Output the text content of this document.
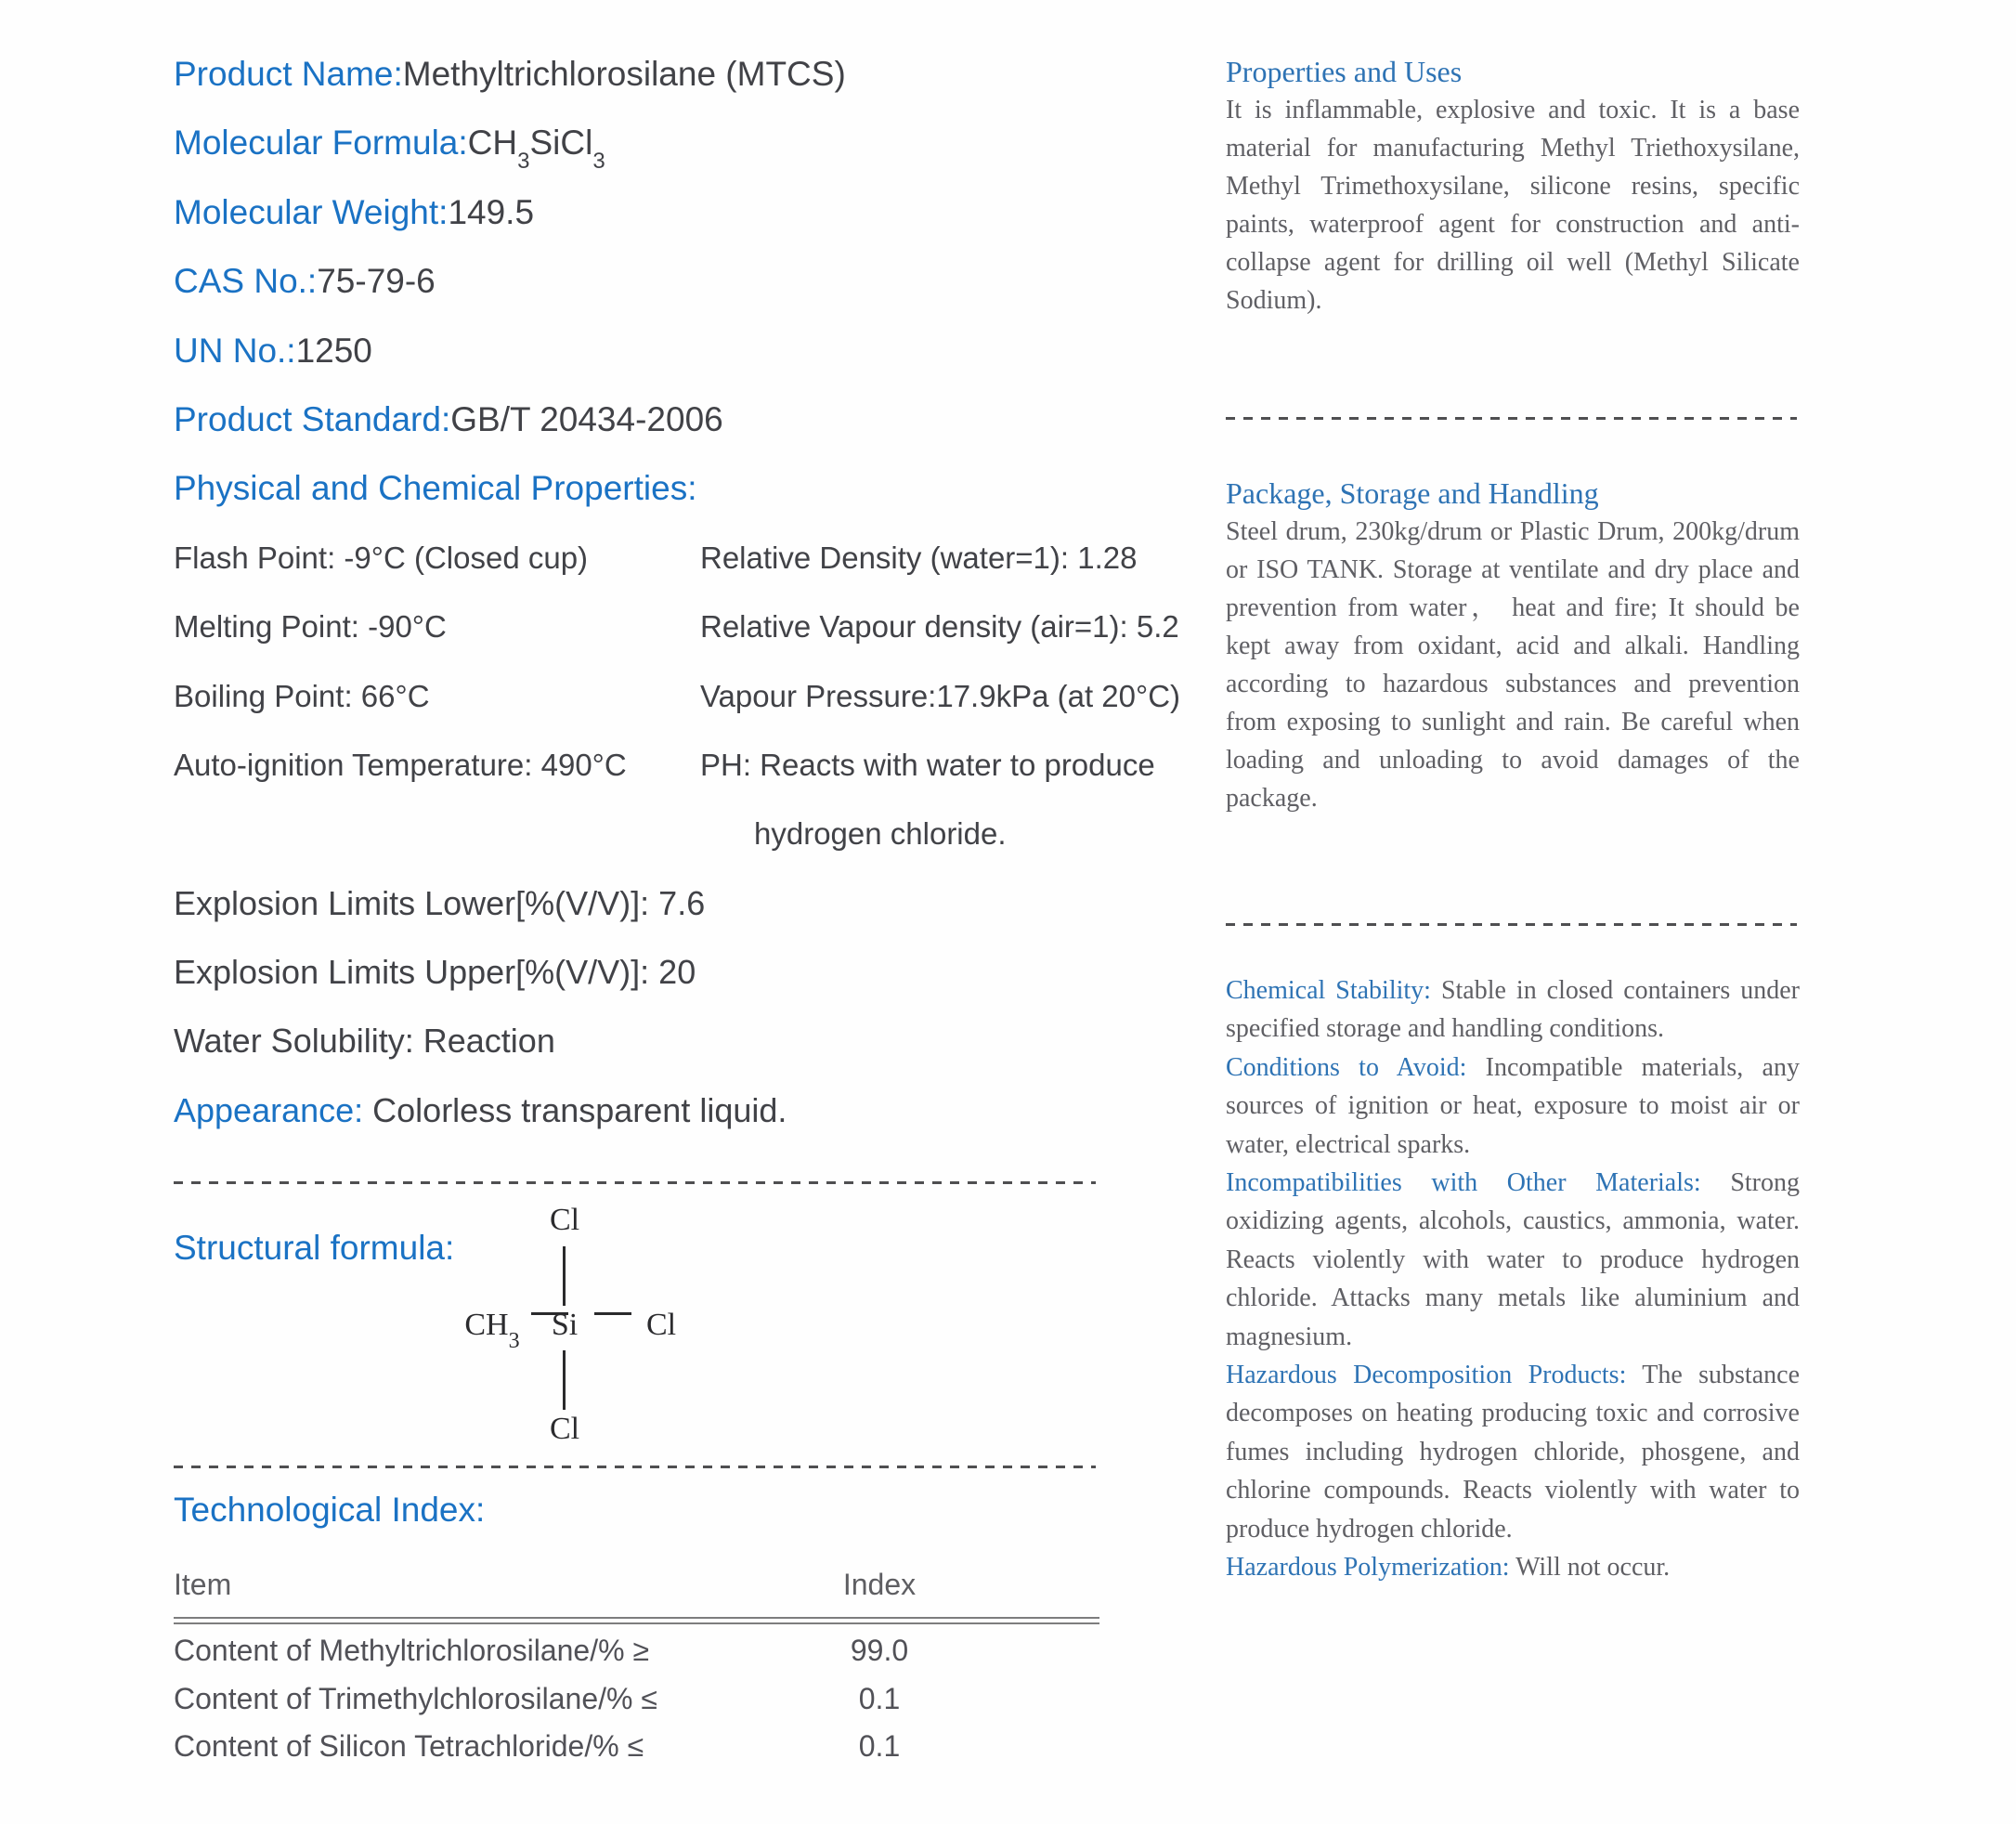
Product Name:Methyltrichlorosilane (MTCS)
Molecular $Formula:CH_3SiCl_3$
Molecular Weight:149.5
CAS No.:75-79-6
UN No.:1250
Product Standard:GB/T 20434-2006
Physical and Chemical Properties:
Flash Point: -9°C (Closed cup)	Relative Density (water=1): 1.28
Melting Point: -90°C	Relative Vapour density (air=1): 5.2
Boiling Point: 66°C	Vapour Pressure:17.9kPa (at 20°C)
Auto-ignition Temperature: 490°C PH: Reacts with water to produce
hydrogen chloride.
Explosion Limits Lower[%(V/V)]: 7.6
Explosion Limits Upper[%(V/V)]: 20
Water Solubility: Reaction
Appearance: Colorless transparent liquid.
Structural formula:
Cl
$CH_3$	Si	Cl
Cl
Technological Index:
Item	Index
Content of Methyltrichlorosilane/% ≥	99.0
Content of Trimethylchlorosilane/% ≤	0.1
Content of Silicon Tetrachloride/% ≤	0.1
Properties and Uses

It is inflammable, explosive and toxic. It is a base material for manufacturing Methyl Triethoxysilane, Methyl Trimethoxysilane, silicone resins, specific paints, waterproof agent for construction and anti-collapse agent for drilling oil well (Methyl Silicate Sodium).

Package, Storage and Handling

Steel drum, 230kg/drum or Plastic Drum, 200kg/drum or ISO TANK. Storage at ventilate and dry place and prevention from water， heat and fire; It should be kept away from oxidant, acid and alkali. Handling according to hazardous substances and prevention from exposing to sunlight and rain. Be careful when loading and unloading to avoid damages of the package.

Chemical Stability: Stable in closed containers under specified storage and handling conditions.

Conditions to Avoid: Incompatible materials, any sources of ignition or heat, exposure to moist air or water, electrical sparks.

Incompatibilities with Other Materials: Strong oxidizing agents, alcohols, caustics, ammonia, water. Reacts violently with water to produce hydrogen chloride. Attacks many metals like aluminium and magnesium.

Hazardous Decomposition Products: The substance decomposes on heating producing toxic and corrosive fumes including hydrogen chloride, phosgene, and chlorine compounds. Reacts violently with water to produce hydrogen chloride.

Hazardous Polymerization: Will not occur.
